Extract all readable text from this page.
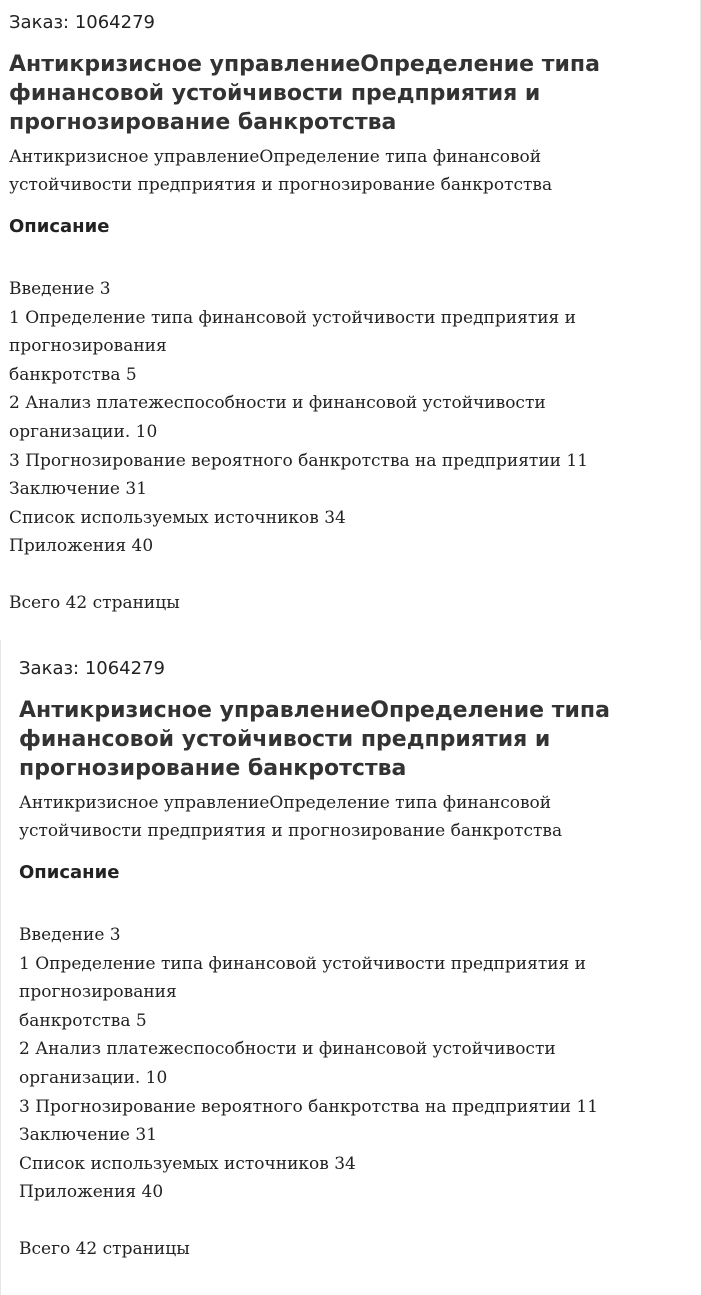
Заказ: 1064279
Антикризисное управлениеОпределение типа финансовой устойчивости предприятия и прогнозирование банкротства
Антикризисное управлениеОпределение типа финансовой устойчивости предприятия и прогнозирование банкротства
Описание
Введение 3
1 Определение типа финансовой устойчивости предприятия и прогнозирования
банкротства 5
2 Анализ платежеспособности и финансовой устойчивости организации. 10
3 Прогнозирование вероятного банкротства на предприятии 11
Заключение 31
Список используемых источников 34
Приложения 40
Всего 42 страницы
Заказ: 1064279
Антикризисное управлениеОпределение типа финансовой устойчивости предприятия и прогнозирование банкротства
Антикризисное управлениеОпределение типа финансовой устойчивости предприятия и прогнозирование банкротства
Описание
Введение 3
1 Определение типа финансовой устойчивости предприятия и прогнозирования
банкротства 5
2 Анализ платежеспособности и финансовой устойчивости организации. 10
3 Прогнозирование вероятного банкротства на предприятии 11
Заключение 31
Список используемых источников 34
Приложения 40
Всего 42 страницы
